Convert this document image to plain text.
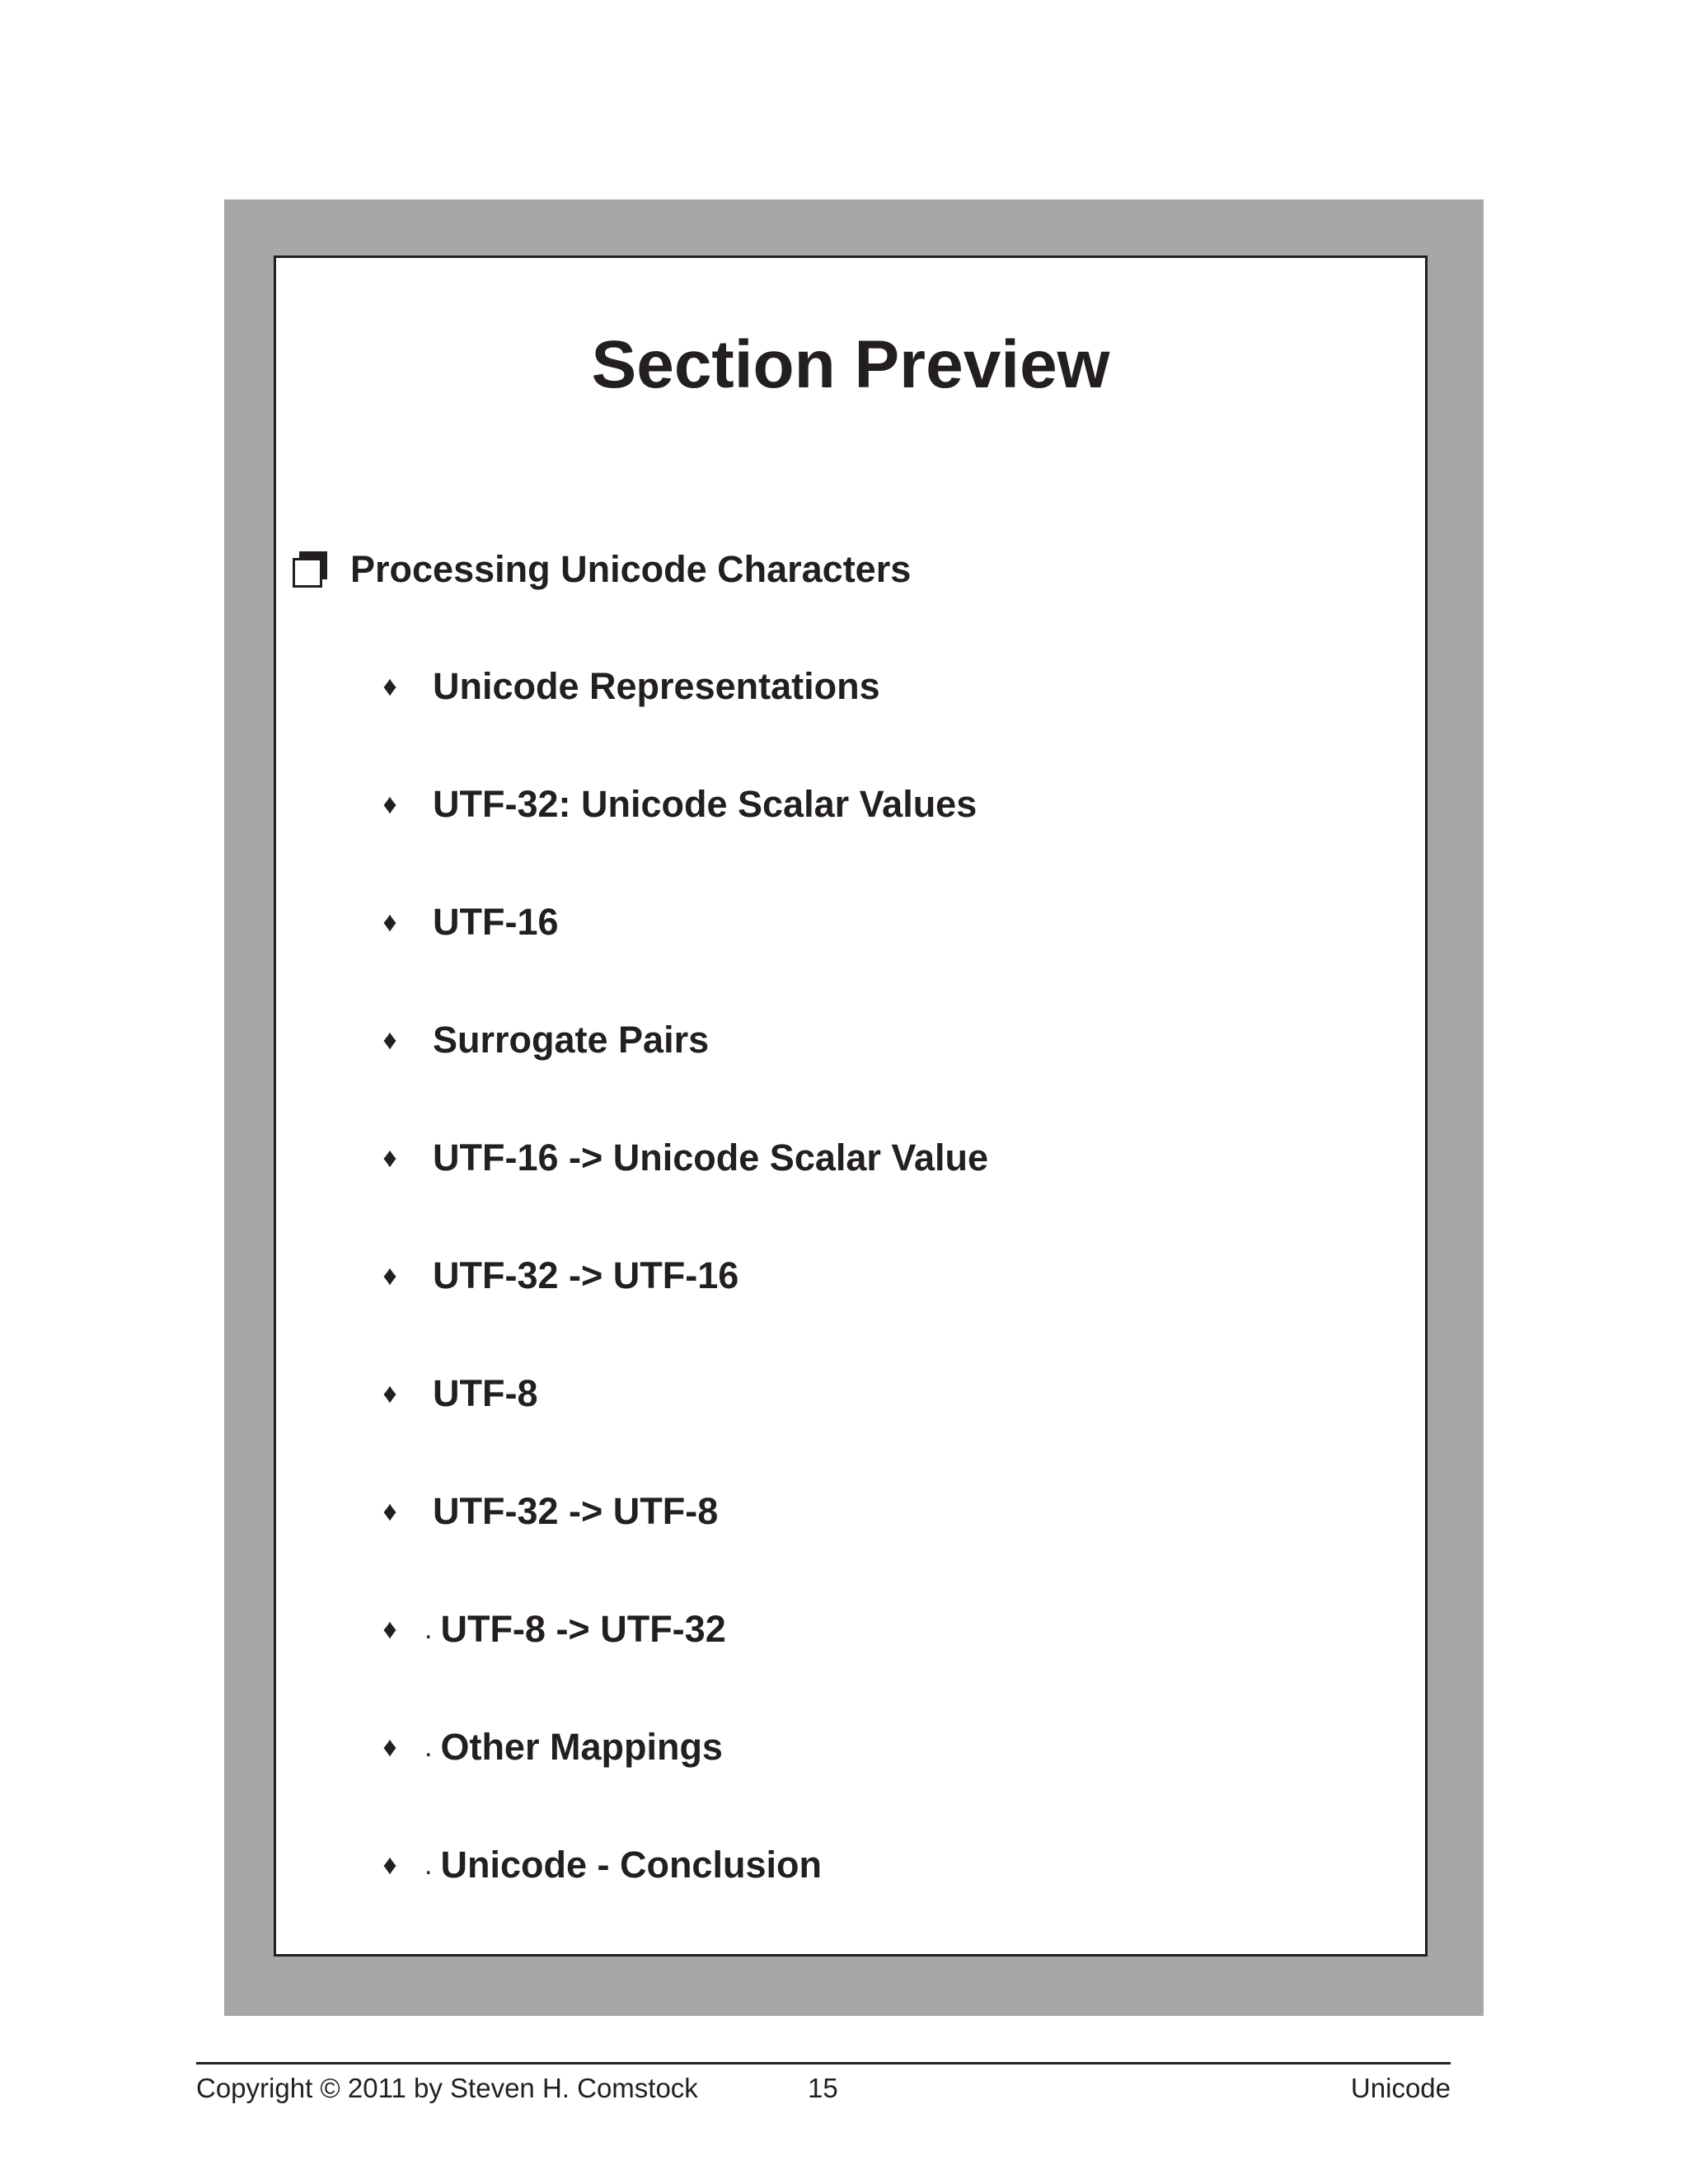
Section Preview
Processing Unicode Characters
♦ Unicode Representations
♦ UTF-32: Unicode Scalar Values
♦ UTF-16
♦ Surrogate Pairs
♦ UTF-16 -> Unicode Scalar Value
♦ UTF-32 -> UTF-16
♦ UTF-8
♦ UTF-32 -> UTF-8
♦ . UTF-8 -> UTF-32
♦ . Other Mappings
♦ . Unicode - Conclusion
Copyright © 2011 by Steven H. Comstock	15	Unicode
